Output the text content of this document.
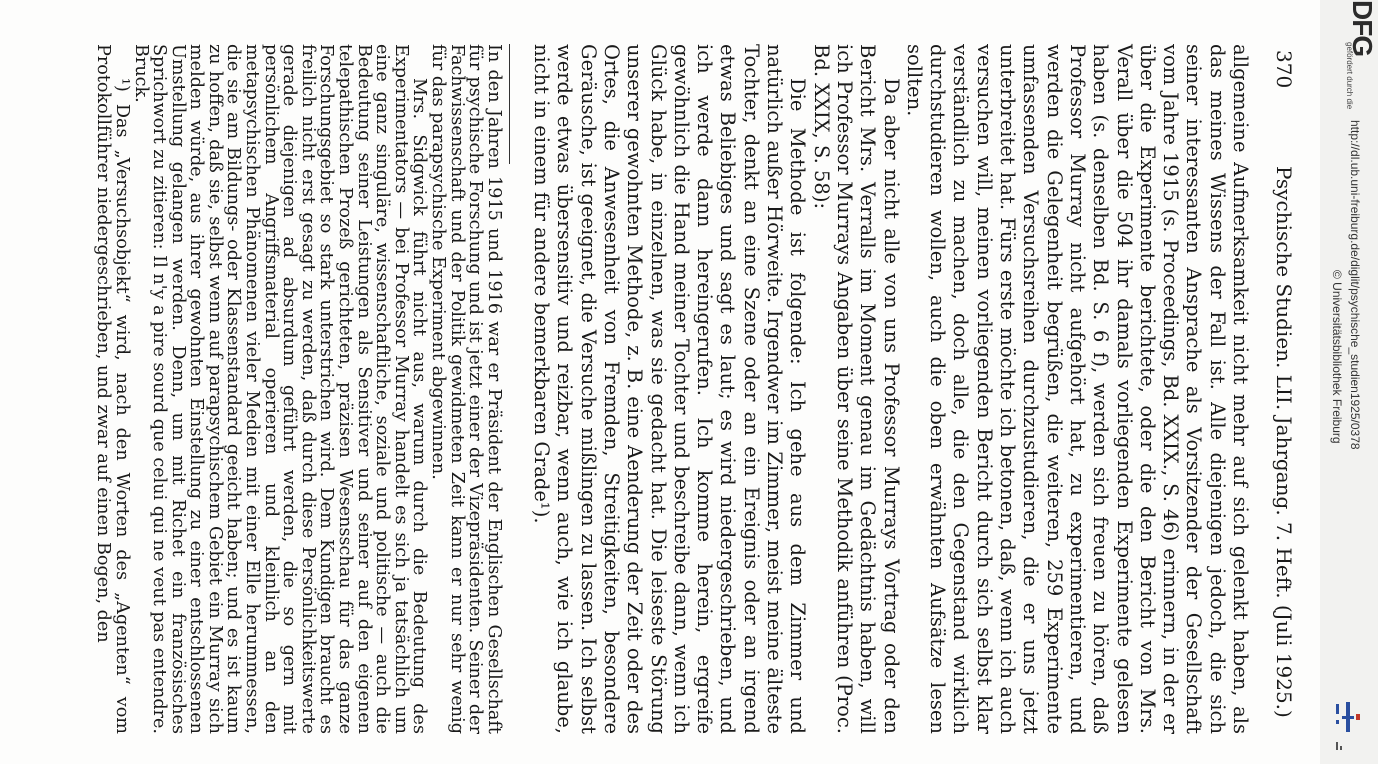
370
Psychische Studien. LII. Jahrgang. 7. Heft. (Juli 1925.)

allgemeine Aufmerksamkeit nicht mehr auf sich gelenkt haben, als das meines Wissens der Fall ist. Alle diejenigen jedoch, die sich seiner interessanten Ansprache als Vorsitzender der Gesellschaft vom Jahre 1915 (s. Proceedings, Bd. XXIX., S. 46) erinnern, in der er über die Experimente berichtete, oder die den Bericht von Mrs. Verall über die 504 ihr damals vorliegenden Experimente gelesen haben (s. denselben Bd. S. 6 f), werden sich freuen zu hören, daß Professor Murray nicht aufgehört hat, zu experimentieren, und werden die Gelegenheit begrüßen, die weiteren, 259 Experimente umfassenden Versuchsreihen durchzustudieren, die er uns jetzt unterbreitet hat. Fürs erste möchte ich betonen, daß, wenn ich auch versuchen will, meinen vorliegenden Bericht durch sich selbst klar verständlich zu machen, doch alle, die den Gegenstand wirklich durchstudieren wollen, auch die oben erwähnten Aufsätze lesen sollten.

Da aber nicht alle von uns Professor Murrays Vortrag oder den Bericht Mrs. Verralls im Moment genau im Gedächtnis haben, will ich Professor Murrays Angaben über seine Methodik anführen (Proc. Bd. XXIX, S. 58):

Die Methode ist folgende: Ich gehe aus dem Zimmer und natürlich außer Hörweite. Irgendwer im Zimmer, meist meine älteste Tochter, denkt an eine Szene oder an ein Ereignis oder an irgend etwas Beliebiges und sagt es laut; es wird niedergeschrieben, und ich werde dann hereingerufen. Ich komme herein, ergreife gewöhnlich die Hand meiner Tochter und beschreibe dann, wenn ich Glück habe, in einzelnen, was sie gedacht hat. Die leiseste Störung unserer gewohnten Methode, z. B. eine Aenderung der Zeit oder des Ortes, die Anwesenheit von Fremden, Streitigkeiten, besondere Geräusche, ist geeignet, die Versuche mißlingen zu lassen. Ich selbst werde etwas übersensitiv und reizbar, wenn auch, wie ich glaube, nicht in einem für andere bemerkbaren Grade¹).

In den Jahren 1915 und 1916 war er Präsident der Englischen Gesellschaft für psychische Forschung und ist jetzt einer der Vizepräsidenten. Seiner der Fachwissenschaft und der Politik gewidmeten Zeit kann er nur sehr wenig für das parapsychische Experiment abgewinnen.

Mrs. Sidgwick führt nicht aus, warum durch die Bedeutung des Experimentators — bei Professor Murray handelt es sich ja tatsächlich um eine ganz singuläre, wissenschaftliche, soziale und politische — auch die Bedeutung seiner Leistungen als Sensitiver und seiner auf den eigenen telepathischen Prozeß gerichteten, präzisen Wesensschau für das ganze Forschungsgebiet so stark unterstrichen wird. Dem Kundigen braucht es freilich nicht erst gesagt zu werden, daß durch diese Persönlichkeitswerte gerade diejenigen ad absurdum geführt werden, die so gern mit persönlichem Angriffsmaterial operieren und kleinlich an den metapsychischen Phänomenen vieler Medien mit einer Elle herummessen, die sie am Bildungs- oder Klassenstandard geeicht haben; und es ist kaum zu hoffen, daß sie, selbst wenn auf parapsychischem Gebiet ein Murray sich melden würde, aus ihrer gewohnten Einstellung zu einer entschlossenen Umstellung gelangen werden. Denn, um mit Richet ein französisches Sprichwort zu zitieren: Il n'y a pire sourd que celui qui ne veut pas entendre. Bruck.

¹) Das „Versuchsobjekt“ wird, nach den Worten des „Agenten“ vom Protokollführer niedergeschrieben, und zwar auf einen Bogen, den

DFG
gefördert durch die
http://dl.ub.uni-freiburg.de/diglit/psychische_studien1925/0378
© Universitätsbibliothek Freiburg
